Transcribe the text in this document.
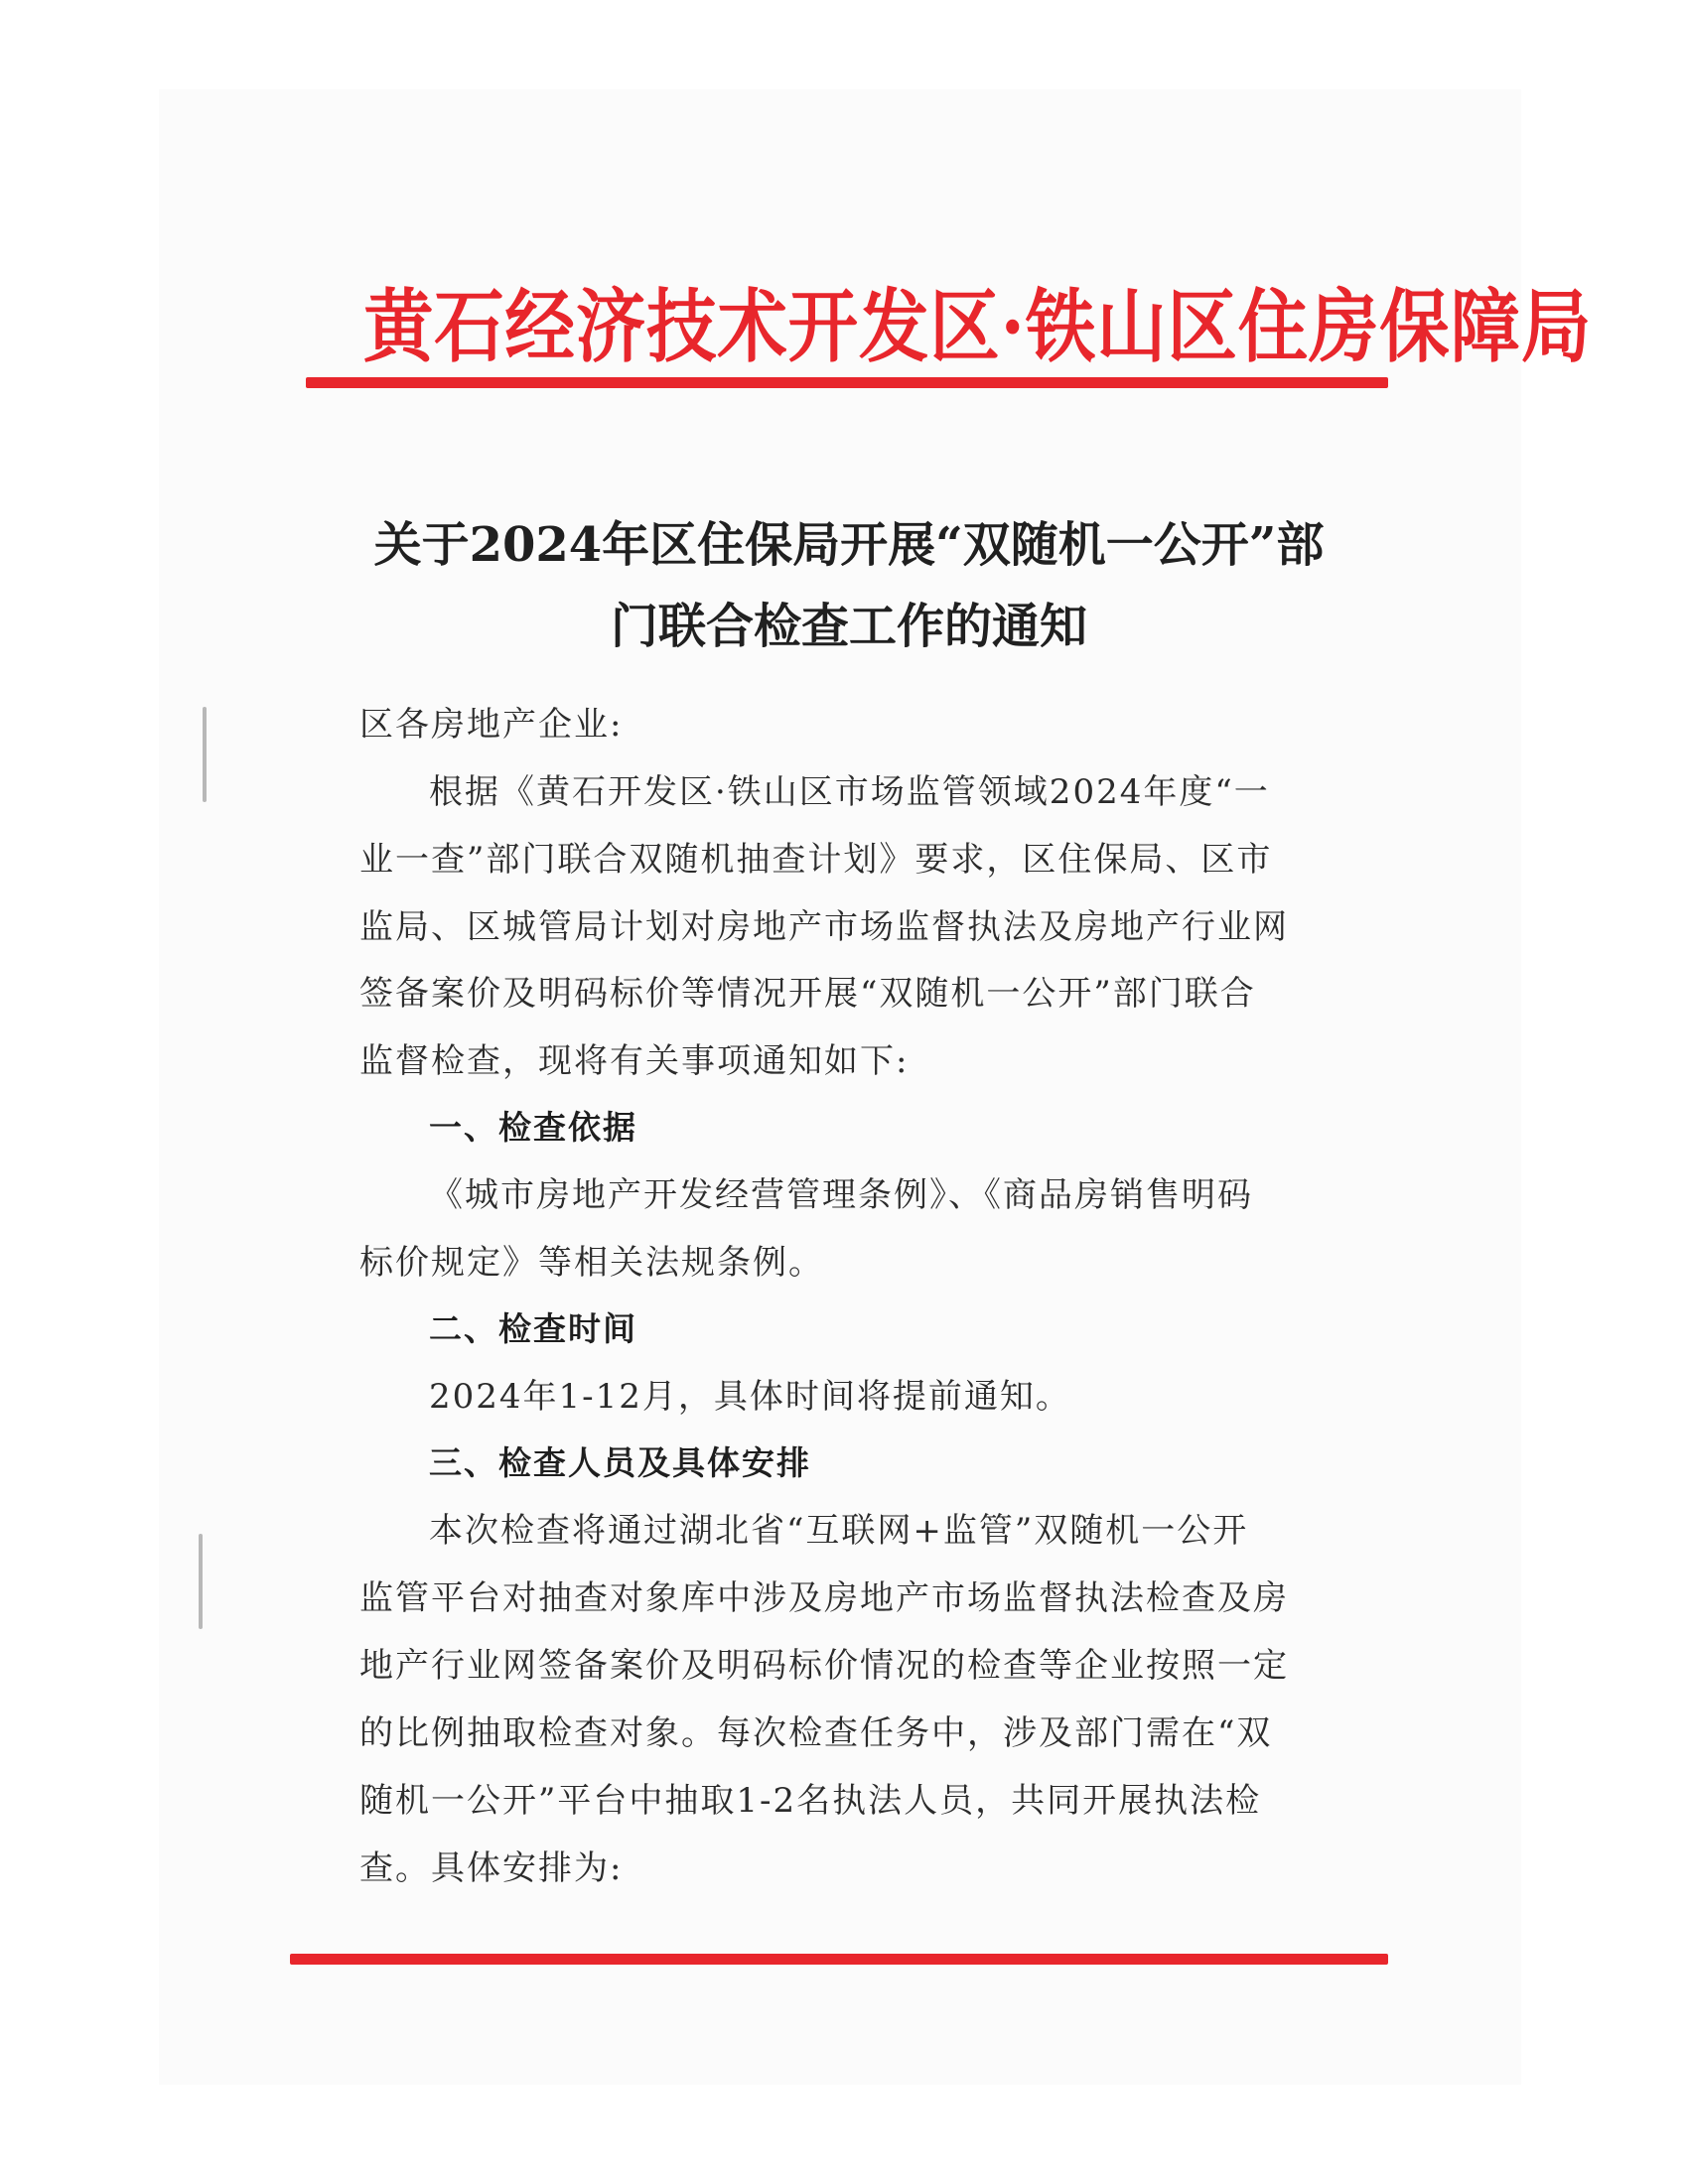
黄石经济技术开发区·铁山区住房保障局
关于2024年区住保局开展“双随机一公开”部
门联合检查工作的通知
区各房地产企业:
根据《黄石开发区·铁山区市场监管领域2024年度“一
业一查”部门联合双随机抽查计划》要求，区住保局、区市
监局、区城管局计划对房地产市场监督执法及房地产行业网
签备案价及明码标价等情况开展“双随机一公开”部门联合
监督检查，现将有关事项通知如下:
一、检查依据
《城市房地产开发经营管理条例》、《商品房销售明码
标价规定》等相关法规条例。
二、检查时间
2024年1-12月，具体时间将提前通知。
三、检查人员及具体安排
本次检查将通过湖北省“互联网+监管”双随机一公开
监管平台对抽查对象库中涉及房地产市场监督执法检查及房
地产行业网签备案价及明码标价情况的检查等企业按照一定
的比例抽取检查对象。每次检查任务中，涉及部门需在“双
随机一公开”平台中抽取1-2名执法人员，共同开展执法检
查。具体安排为:
